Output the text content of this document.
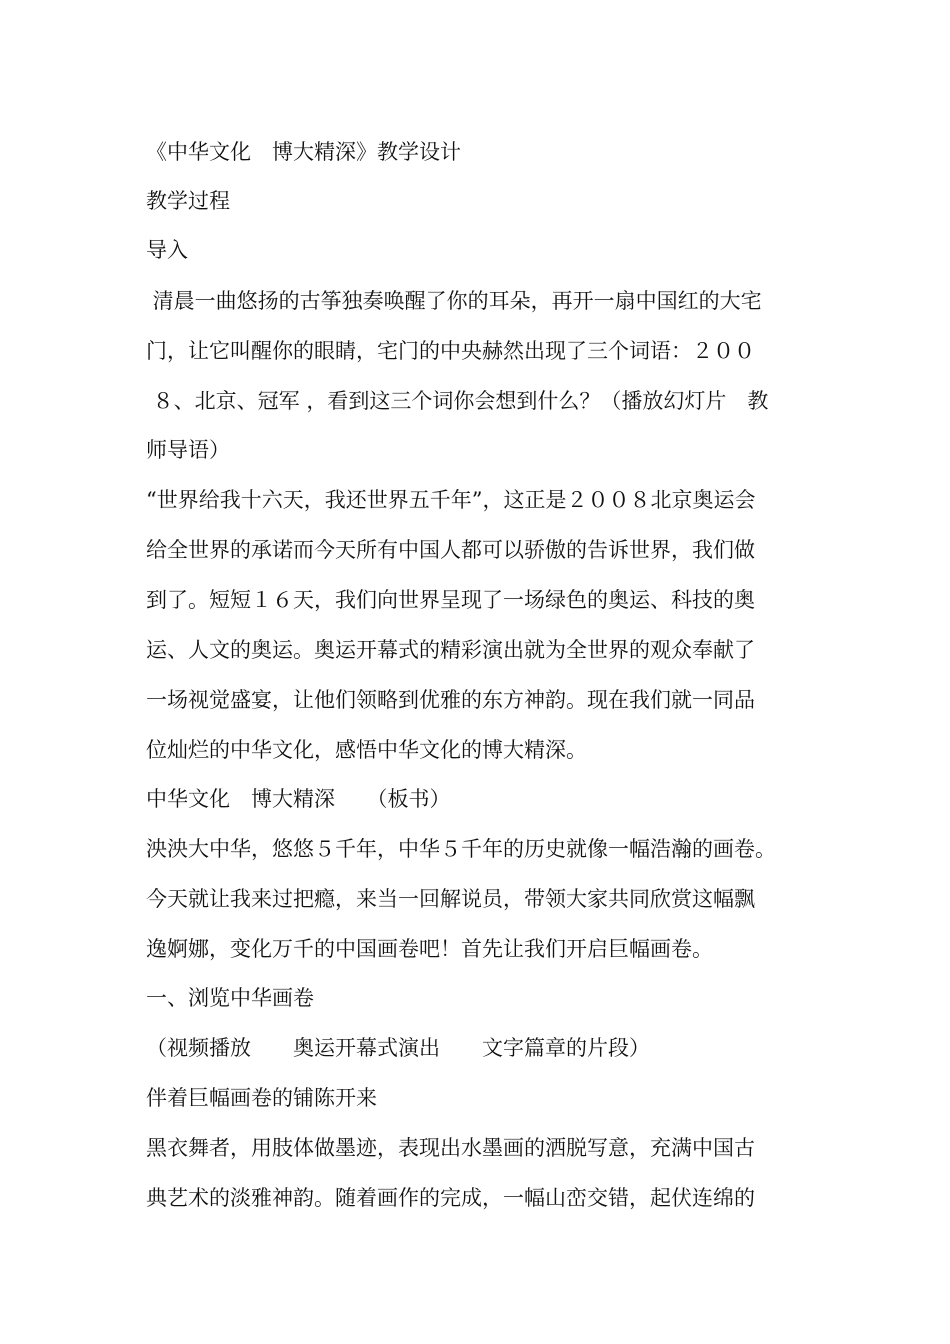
《中华文化　博大精深》教学设计
教学过程
导入
清晨一曲悠扬的古筝独奏唤醒了你的耳朵，再开一扇中国红的大宅
门，让它叫醒你的眼睛，宅门的中央赫然出现了三个词语：２００
８、北京、冠军 ，看到这三个词你会想到什么？（播放幻灯片　教
师导语）
“世界给我十六天，我还世界五千年”，这正是２００８北京奥运会
给全世界的承诺而今天所有中国人都可以骄傲的告诉世界，我们做
到了。短短１６天，我们向世界呈现了一场绿色的奥运、科技的奥
运、人文的奥运。奥运开幕式的精彩演出就为全世界的观众奉献了
一场视觉盛宴，让他们领略到优雅的东方神韵。现在我们就一同品
位灿烂的中华文化，感悟中华文化的博大精深。
中华文化　博大精深　　（板书）
泱泱大中华，悠悠５千年，中华５千年的历史就像一幅浩瀚的画卷。
今天就让我来过把瘾，来当一回解说员，带领大家共同欣赏这幅飘
逸婀娜，变化万千的中国画卷吧！首先让我们开启巨幅画卷。
一、浏览中华画卷
（视频播放　　奥运开幕式演出　　文字篇章的片段）
伴着巨幅画卷的铺陈开来
黑衣舞者，用肢体做墨迹，表现出水墨画的洒脱写意，充满中国古
典艺术的淡雅神韵。随着画作的完成，一幅山峦交错，起伏连绵的
